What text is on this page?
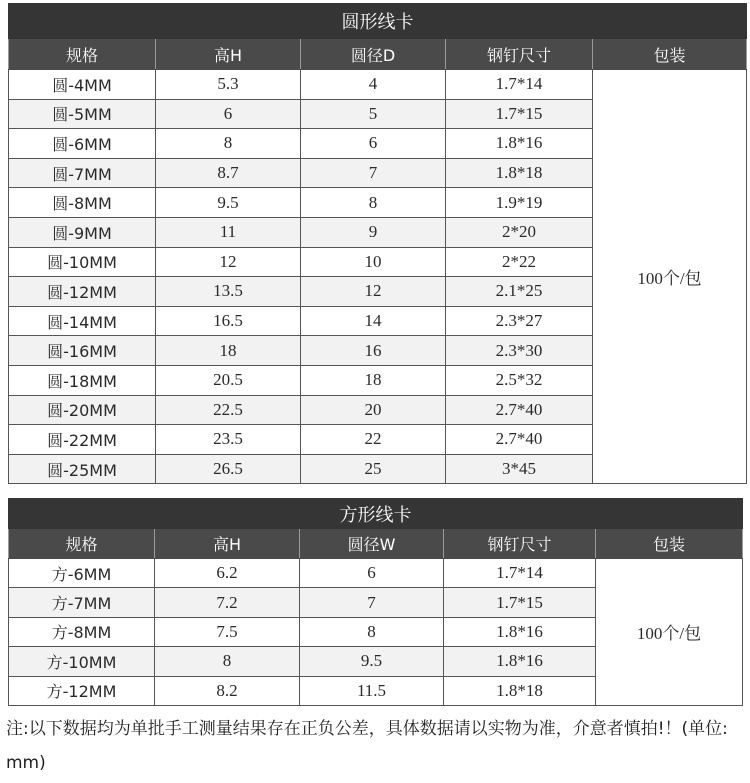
圆形线卡				
规格	高H	圆径D	钢钉尺寸	包装
圆-4MM	5.3	4	1.7*14	100个/包
圆-5MM	6	5	1.7*15	
圆-6MM	8	6	1.8*16	
圆-7MM	8.7	7	1.8*18	
圆-8MM	9.5	8	1.9*19	
圆-9MM	11	9	2*20	
圆-10MM	12	10	2*22	
圆-12MM	13.5	12	2.1*25	
圆-14MM	16.5	14	2.3*27	
圆-16MM	18	16	2.3*30	
圆-18MM	20.5	18	2.5*32	
圆-20MM	22.5	20	2.7*40	
圆-22MM	23.5	22	2.7*40	
圆-25MM	26.5	25	3*45	
方形线卡				
规格	高H	圆径W	钢钉尺寸	包装
方-6MM	6.2	6	1.7*14	100个/包
方-7MM	7.2	7	1.7*15	
方-8MM	7.5	8	1.8*16	
方-10MM	8	9.5	1.8*16	
方-12MM	8.2	11.5	1.8*18	
注:以下数据均为单批手工测量结果存在正负公差，具体数据请以实物为准，介意者慎拍!！(单位: mm)
